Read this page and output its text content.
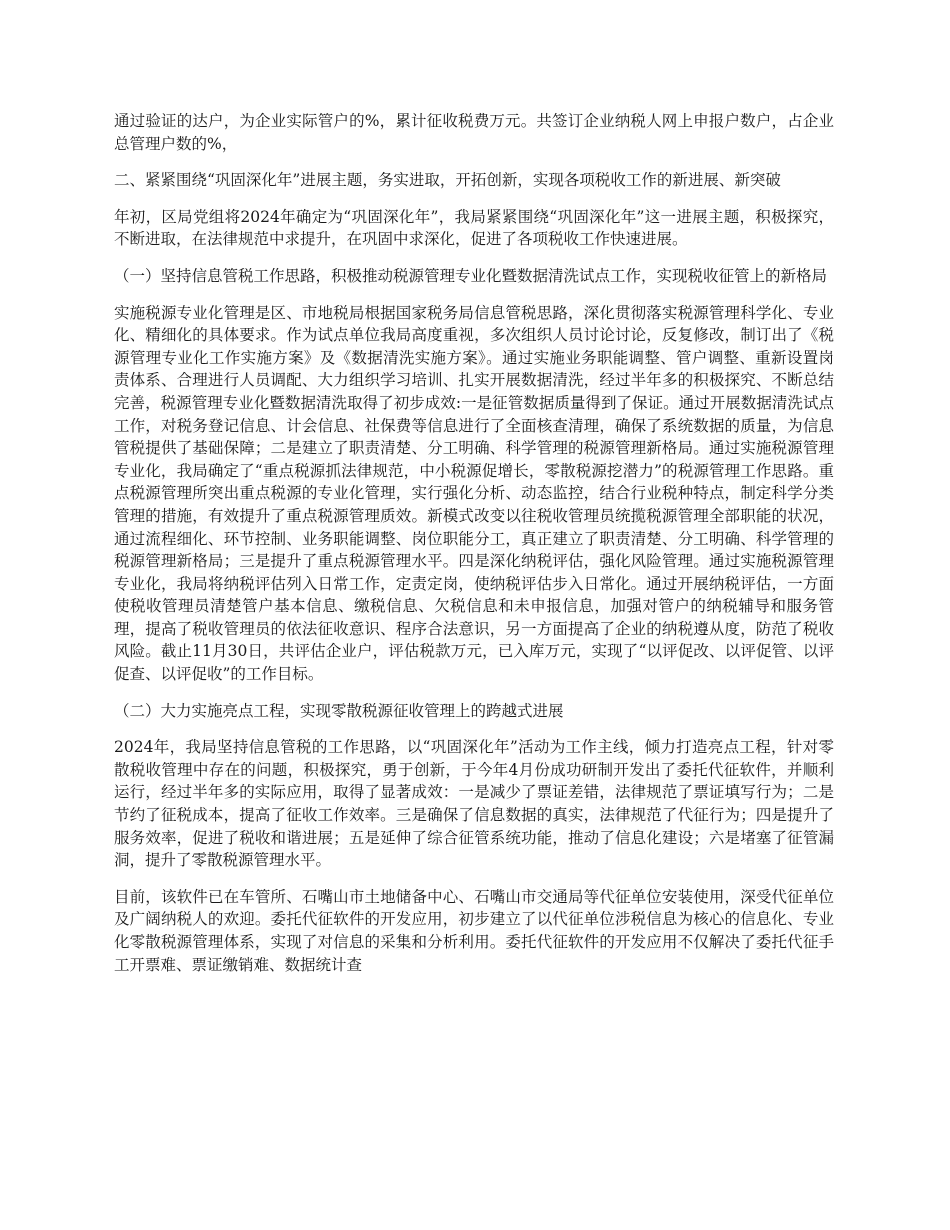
通过验证的达户，为企业实际管户的%，累计征收税费万元。共签订企业纳税人网上申报户数户，占企业总管理户数的%，

二、紧紧围绕“巩固深化年”进展主题，务实进取，开拓创新，实现各项税收工作的新进展、新突破

年初，区局党组将2024年确定为“巩固深化年”，我局紧紧围绕“巩固深化年”这一进展主题，积极探究，不断进取，在法律规范中求提升，在巩固中求深化，促进了各项税收工作快速进展。

（一）坚持信息管税工作思路，积极推动税源管理专业化暨数据清洗试点工作，实现税收征管上的新格局

实施税源专业化管理是区、市地税局根据国家税务局信息管税思路，深化贯彻落实税源管理科学化、专业化、精细化的具体要求。作为试点单位我局高度重视，多次组织人员讨论讨论，反复修改，制订出了《税源管理专业化工作实施方案》及《数据清洗实施方案》。通过实施业务职能调整、管户调整、重新设置岗责体系、合理进行人员调配、大力组织学习培训、扎实开展数据清洗，经过半年多的积极探究、不断总结完善，税源管理专业化暨数据清洗取得了初步成效:一是征管数据质量得到了保证。通过开展数据清洗试点工作，对税务登记信息、计会信息、社保费等信息进行了全面核查清理，确保了系统数据的质量，为信息管税提供了基础保障；二是建立了职责清楚、分工明确、科学管理的税源管理新格局。通过实施税源管理专业化，我局确定了“重点税源抓法律规范，中小税源促增长，零散税源挖潜力”的税源管理工作思路。重点税源管理所突出重点税源的专业化管理，实行强化分析、动态监控，结合行业税种特点，制定科学分类管理的措施，有效提升了重点税源管理质效。新模式改变以往税收管理员统揽税源管理全部职能的状况，通过流程细化、环节控制、业务职能调整、岗位职能分工，真正建立了职责清楚、分工明确、科学管理的税源管理新格局；三是提升了重点税源管理水平。四是深化纳税评估，强化风险管理。通过实施税源管理专业化，我局将纳税评估列入日常工作，定责定岗，使纳税评估步入日常化。通过开展纳税评估，一方面使税收管理员清楚管户基本信息、缴税信息、欠税信息和未申报信息，加强对管户的纳税辅导和服务管理，提高了税收管理员的依法征收意识、程序合法意识，另一方面提高了企业的纳税遵从度，防范了税收风险。截止11月30日，共评估企业户，评估税款万元，已入库万元，实现了“以评促改、以评促管、以评促查、以评促收”的工作目标。

（二）大力实施亮点工程，实现零散税源征收管理上的跨越式进展

2024年，我局坚持信息管税的工作思路，以“巩固深化年”活动为工作主线，倾力打造亮点工程，针对零散税收管理中存在的问题，积极探究，勇于创新，于今年4月份成功研制开发出了委托代征软件，并顺利运行，经过半年多的实际应用，取得了显著成效：一是减少了票证差错，法律规范了票证填写行为；二是节约了征税成本，提高了征收工作效率。三是确保了信息数据的真实，法律规范了代征行为；四是提升了服务效率，促进了税收和谐进展；五是延伸了综合征管系统功能，推动了信息化建设；六是堵塞了征管漏洞，提升了零散税源管理水平。

目前，该软件已在车管所、石嘴山市土地储备中心、石嘴山市交通局等代征单位安装使用，深受代征单位及广阔纳税人的欢迎。委托代征软件的开发应用，初步建立了以代征单位涉税信息为核心的信息化、专业化零散税源管理体系，实现了对信息的采集和分析利用。委托代征软件的开发应用不仅解决了委托代征手工开票难、票证缴销难、数据统计查
